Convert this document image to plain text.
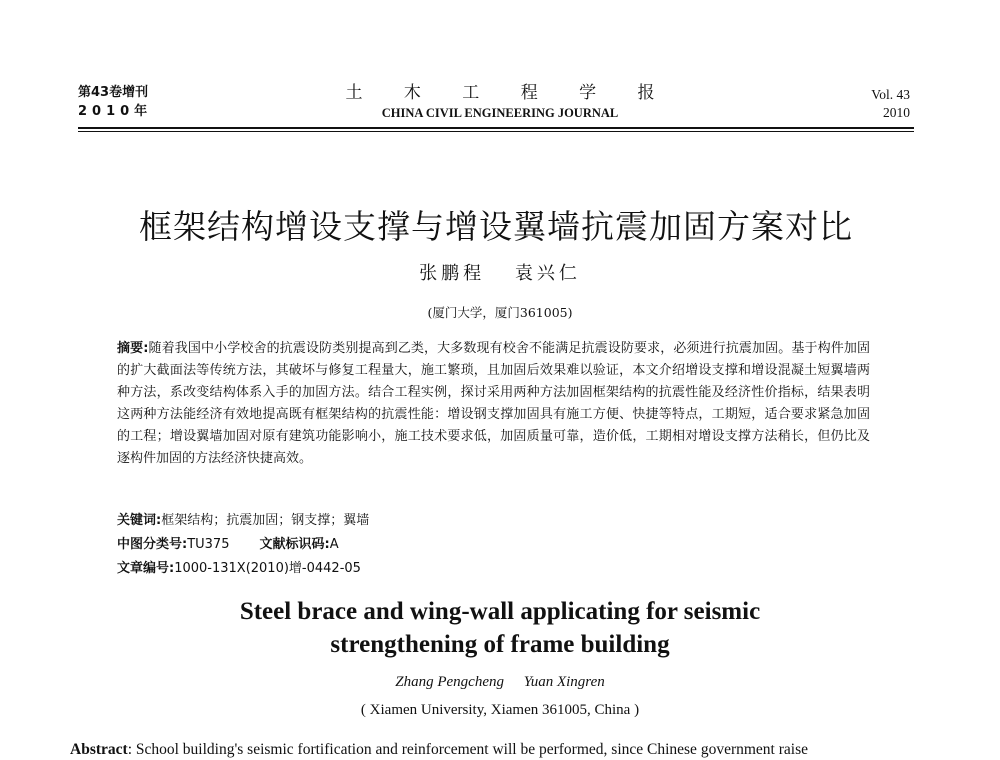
第43卷增刊
2010年
土 木 工 程 学 报
CHINA CIVIL ENGINEERING JOURNAL
Vol. 43
2010
框架结构增设支撑与增设翼墙抗震加固方案对比
张鹏程 袁兴仁
(厦门大学，厦门361005)
摘要:随着我国中小学校舍的抗震设防类别提高到乙类，大多数现有校舍不能满足抗震设防要求，必须进行抗震加固。基于构件加固的扩大截面法等传统方法，其破坏与修复工程量大，施工繁琐，且加固后效果难以验证，本文介绍增设支撑和增设混凝土短翼墙两种方法，系改变结构体系入手的加固方法。结合工程实例，探讨采用两种方法加固框架结构的抗震性能及经济性价指标，结果表明这两种方法能经济有效地提高既有框架结构的抗震性能：增设钢支撑加固具有施工方便、快捷等特点，工期短，适合要求紧急加固的工程；增设翼墙加固对原有建筑功能影响小，施工技术要求低，加固质量可靠，造价低，工期相对增设支撑方法稍长，但仍比及逐构件加固的方法经济快捷高效。
关键词:框架结构；抗震加固；钢支撑；翼墙
中图分类号:TU375 文献标识码:A
文章编号:1000-131X(2010)增-0442-05
Steel brace and wing-wall applicating for seismic
strengthening of frame building
Zhang Pengcheng Yuan Xingren
( Xiamen University, Xiamen 361005, China )
Abstract: School building's seismic fortification and reinforcement will be performed, since Chinese government raise
